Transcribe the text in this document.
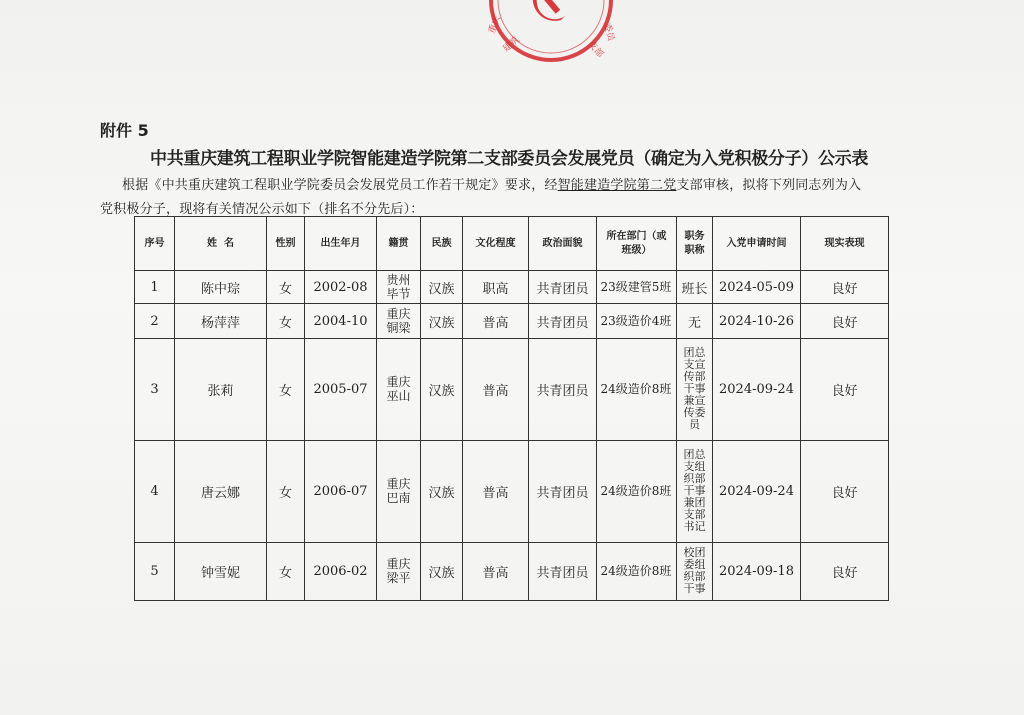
重庆
建筑	支部
委员
附件 5
中共重庆建筑工程职业学院智能建造学院第二支部委员会发展党员（确定为入党积极分子）公示表
根据《中共重庆建筑工程职业学院委员会发展党员工作若干规定》要求，经智能建造学院第二党支部审核，拟将下列同志列为入
党积极分子，现将有关情况公示如下（排名不分先后）：
序号	姓  名	性别	出生年月	籍贯	民族	文化程度	政治面貌	所在部门（或班级）	职务职称	入党申请时间	现实表现
1	陈中琮	女	2002-08	贵州毕节	汉族	职高	共青团员	23级建管5班	班长	2024-05-09	良好
2	杨萍萍	女	2004-10	重庆铜梁	汉族	普高	共青团员	23级造价4班	无	2024-10-26	良好
3	张莉	女	2005-07	重庆巫山	汉族	普高	共青团员	24级造价8班	团总支宣传部干事兼宣传委员	2024-09-24	良好
4	唐云娜	女	2006-07	重庆巴南	汉族	普高	共青团员	24级造价8班	团总支组织部干事兼团支部书记	2024-09-24	良好
5	钟雪妮	女	2006-02	重庆梁平	汉族	普高	共青团员	24级造价8班	校团委组织部干事	2024-09-18	良好
